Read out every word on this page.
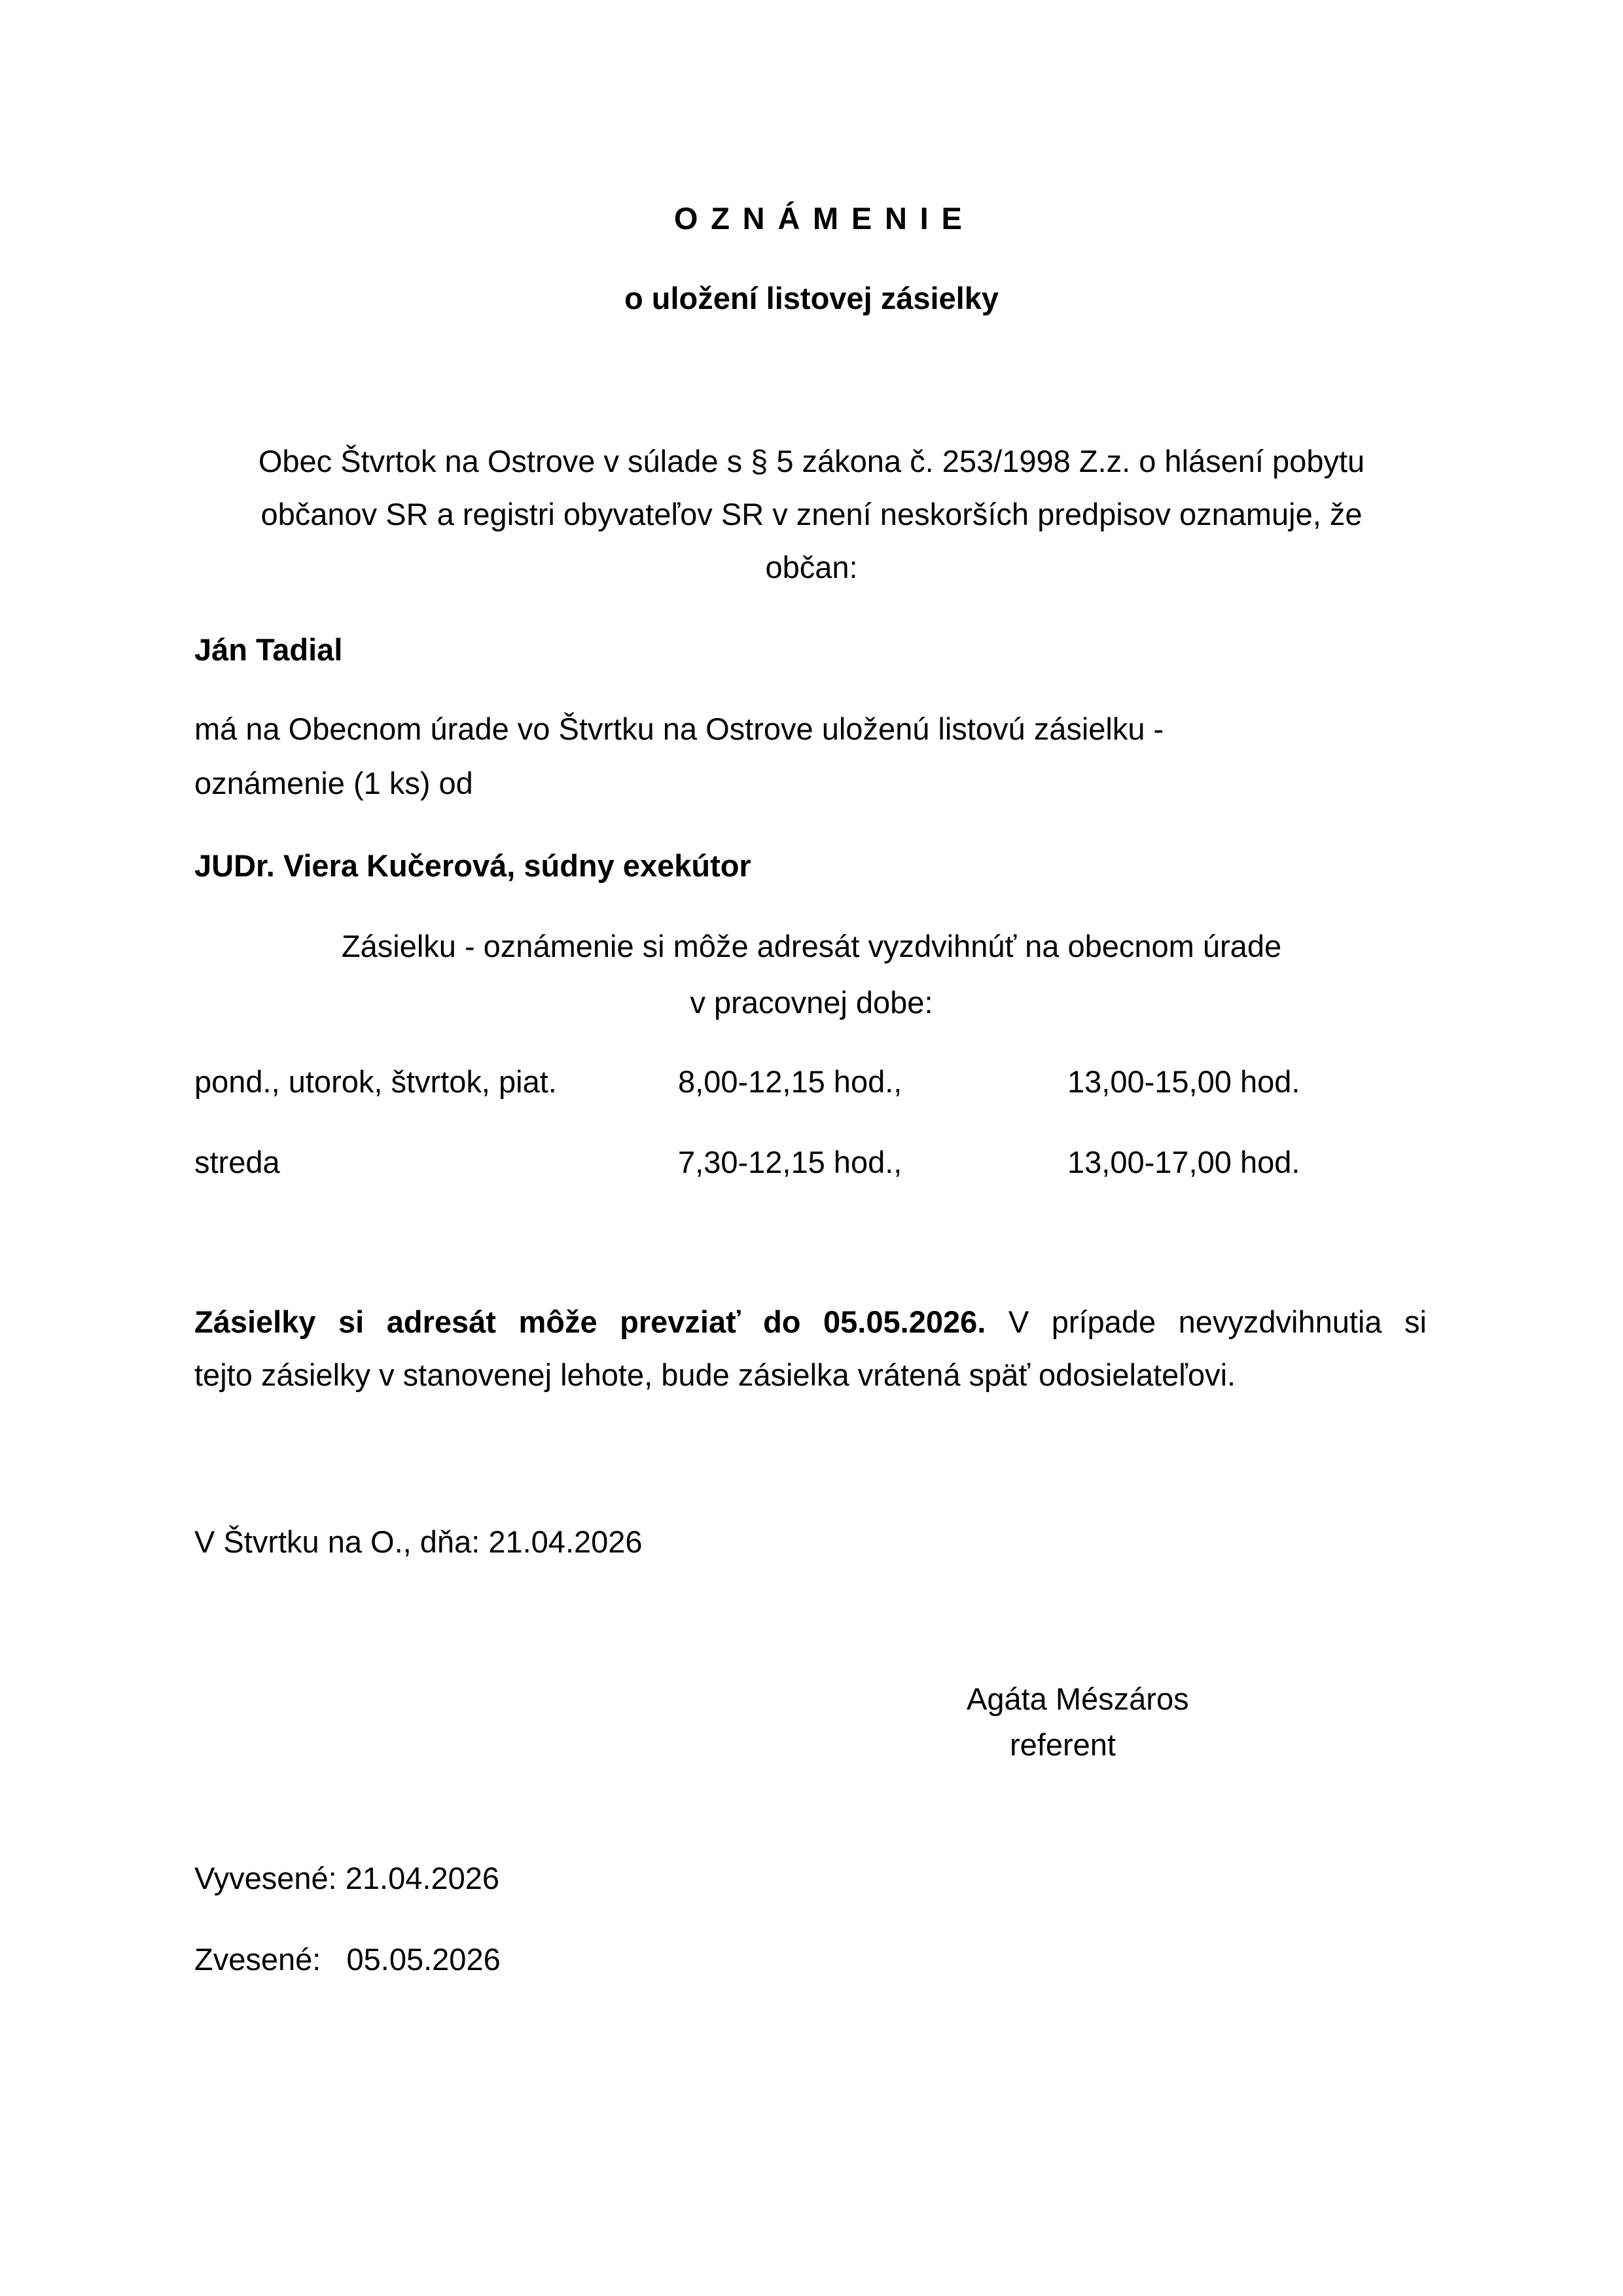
OZNÁMENIE
o uložení listovej zásielky
Obec Štvrtok na Ostrove v súlade s § 5 zákona č. 253/1998 Z.z. o hlásení pobytu
občanov SR a registri obyvateľov SR v znení neskorších predpisov oznamuje, že
občan:
Ján Tadial
má na Obecnom úrade vo Štvrtku na Ostrove uloženú listovú zásielku -
oznámenie (1 ks) od
JUDr. Viera Kučerová, súdny exekútor
Zásielku - oznámenie si môže adresát vyzdvihnúť na obecnom úrade
v pracovnej dobe:
pond., utorok, štvrtok, piat.	8,00-12,15 hod.,	13,00-15,00 hod.
streda	7,30-12,15 hod.,	13,00-17,00 hod.
Zásielky si adresát môže prevziať do 05.05.2026. V prípade nevyzdvihnutia si
tejto zásielky v stanovenej lehote, bude zásielka vrátená späť odosielateľovi.
V Štvrtku na O., dňa: 21.04.2026
Agáta Mészáros
referent
Vyvesené: 21.04.2026
Zvesené:   05.05.2026
